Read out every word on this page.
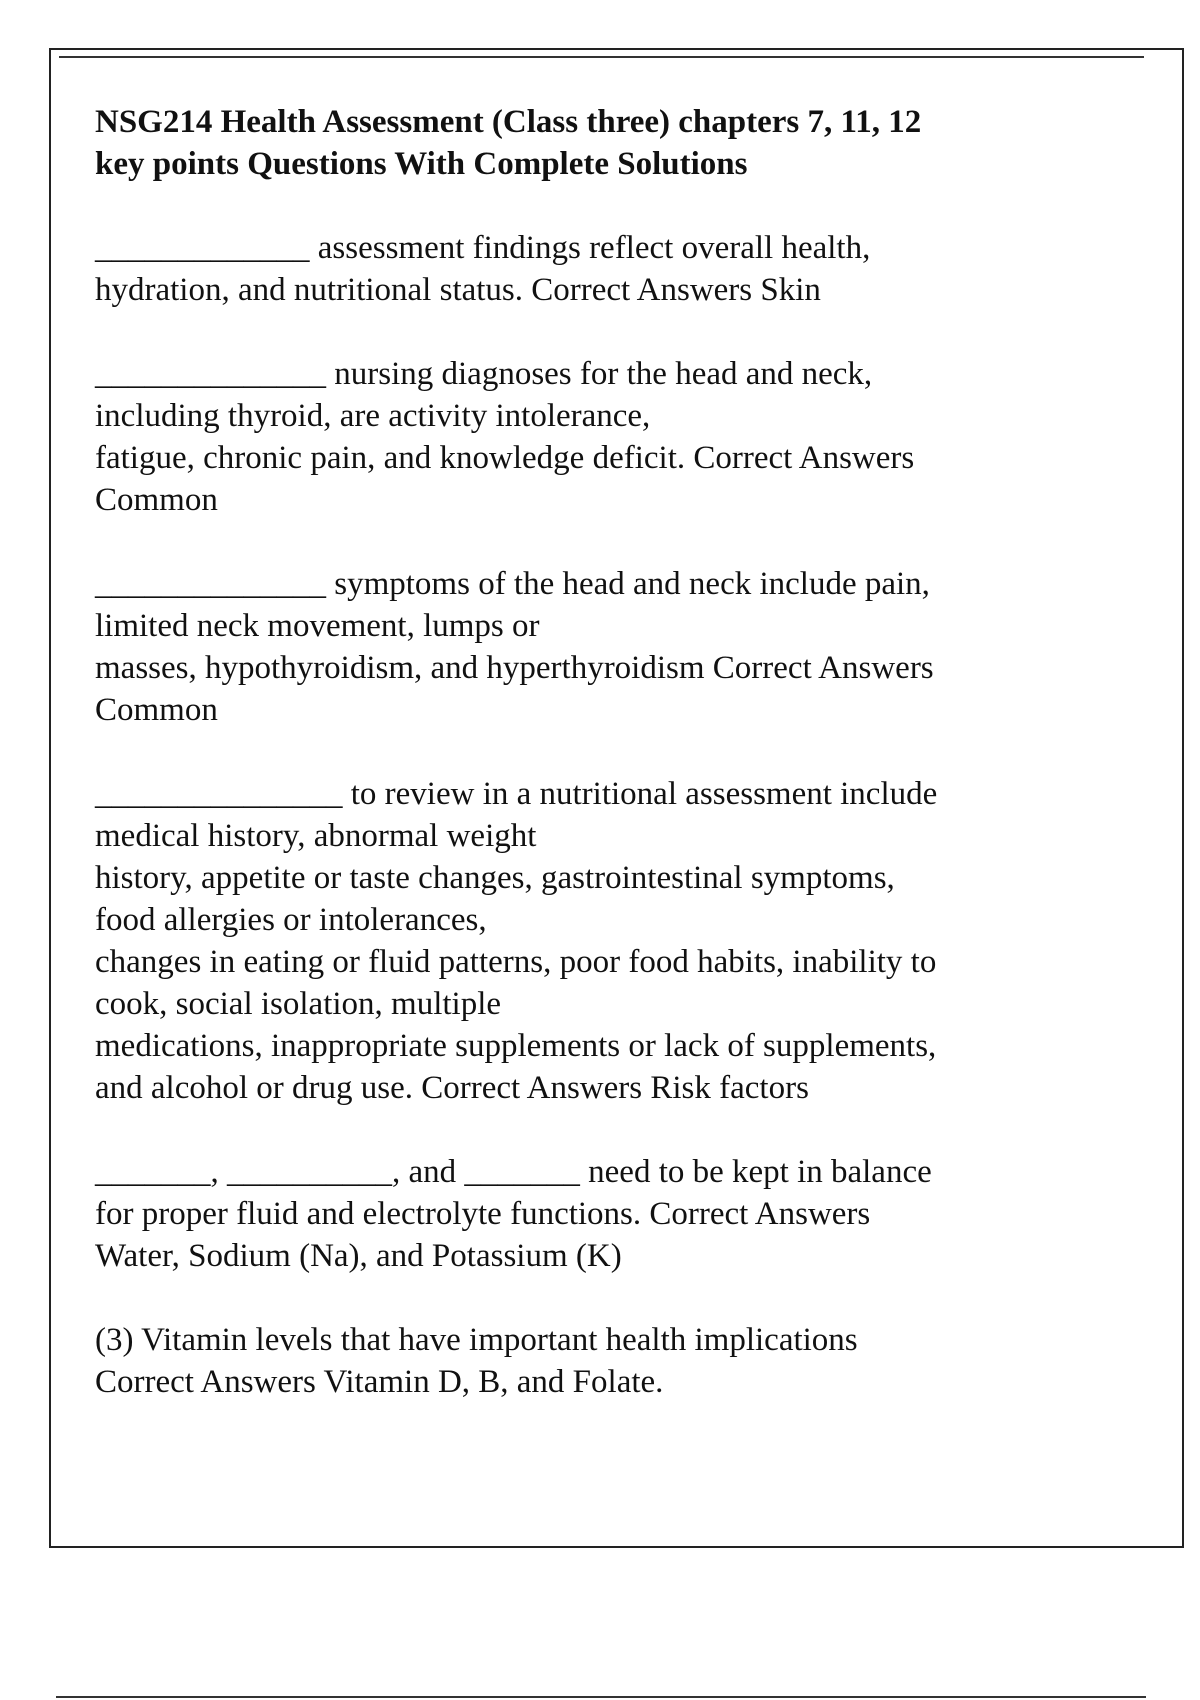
NSG214 Health Assessment (Class three) chapters 7, 11, 12
key points Questions With Complete Solutions

_____________ assessment findings reflect overall health,
hydration, and nutritional status. Correct Answers Skin

______________ nursing diagnoses for the head and neck,
including thyroid, are activity intolerance,
fatigue, chronic pain, and knowledge deficit. Correct Answers
Common

______________ symptoms of the head and neck include pain,
limited neck movement, lumps or
masses, hypothyroidism, and hyperthyroidism Correct Answers
Common

_______________ to review in a nutritional assessment include
medical history, abnormal weight
history, appetite or taste changes, gastrointestinal symptoms,
food allergies or intolerances,
changes in eating or fluid patterns, poor food habits, inability to
cook, social isolation, multiple
medications, inappropriate supplements or lack of supplements,
and alcohol or drug use. Correct Answers Risk factors

_______, __________, and _______ need to be kept in balance
for proper fluid and electrolyte functions. Correct Answers
Water, Sodium (Na), and Potassium (K)

(3) Vitamin levels that have important health implications
Correct Answers Vitamin D, B, and Folate.
